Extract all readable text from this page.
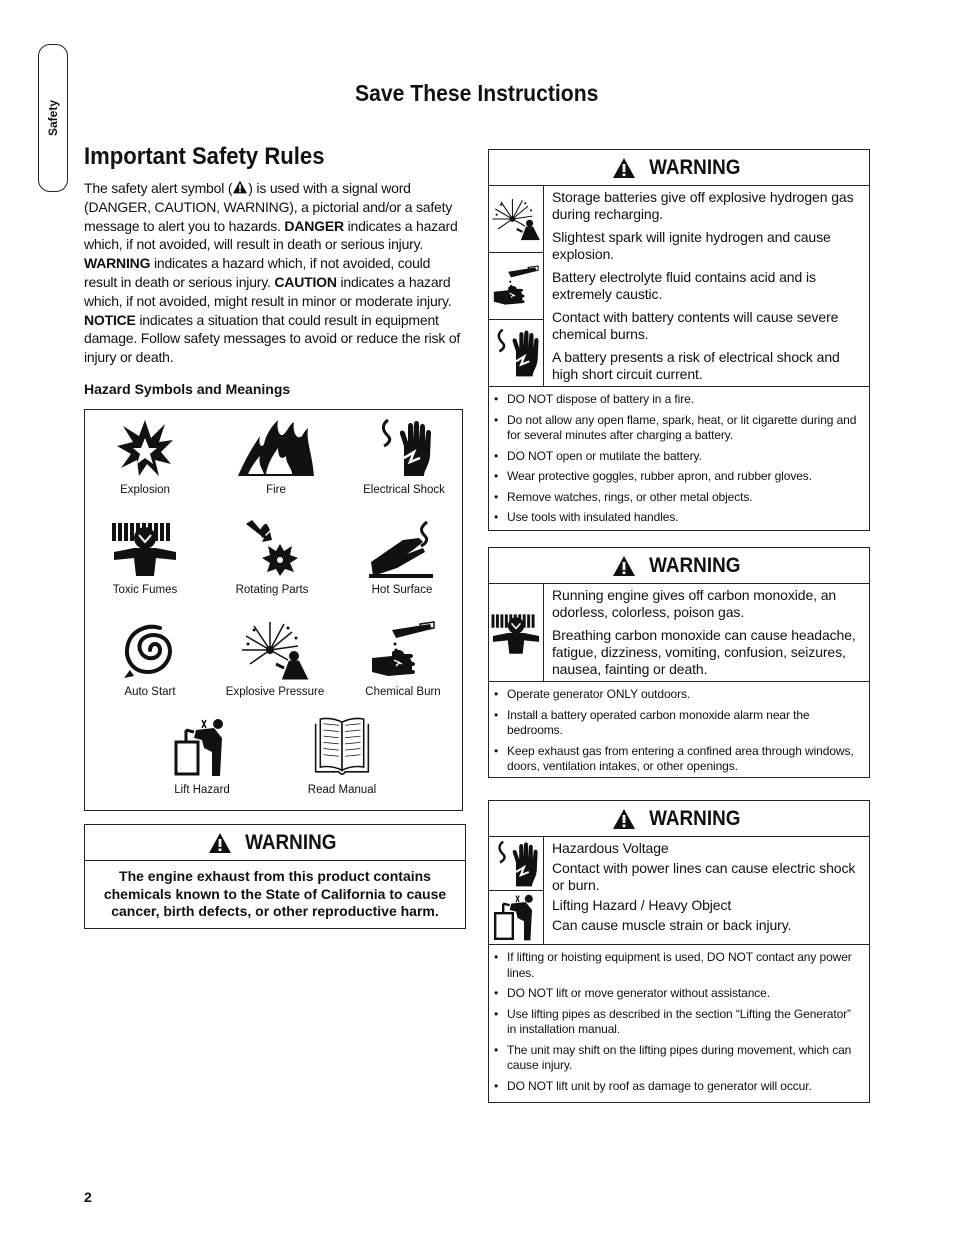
Safety
Save These Instructions
Important Safety Rules
The safety alert symbol ( ) is used with a signal word (DANGER, CAUTION, WARNING), a pictorial and/or a safety message to alert you to hazards. DANGER indicates a hazard which, if not avoided, will result in death or serious injury. WARNING indicates a hazard which, if not avoided, could result in death or serious injury. CAUTION indicates a hazard which, if not avoided, might result in minor or moderate injury. NOTICE indicates a situation that could result in equipment damage. Follow safety messages to avoid or reduce the risk of injury or death.
Hazard Symbols and Meanings
Explosion	Fire	Electrical Shock
Toxic Fumes	Rotating Parts	Hot Surface
Auto Start	Explosive Pressure	Chemical Burn
Lift Hazard	Read Manual
WARNING
The engine exhaust from this product contains chemicals known to the State of California to cause cancer, birth defects, or other reproductive harm.
WARNING

Storage batteries give off explosive hydrogen gas during recharging.

Slightest spark will ignite hydrogen and cause explosion.

Battery electrolyte fluid contains acid and is extremely caustic.

Contact with battery contents will cause severe chemical burns.

A battery presents a risk of electrical shock and high short circuit current.

• DO NOT dispose of battery in a fire.
• Do not allow any open flame, spark, heat, or lit cigarette during and for several minutes after charging a battery.
• DO NOT open or mutilate the battery.
• Wear protective goggles, rubber apron, and rubber gloves.
• Remove watches, rings, or other metal objects.
• Use tools with insulated handles.
WARNING

Running engine gives off carbon monoxide, an odorless, colorless, poison gas.

Breathing carbon monoxide can cause headache, fatigue, dizziness, vomiting, confusion, seizures, nausea, fainting or death.

• Operate generator ONLY outdoors.
• Install a battery operated carbon monoxide alarm near the bedrooms.
• Keep exhaust gas from entering a confined area through windows, doors, ventilation intakes, or other openings.
WARNING

Hazardous Voltage

Contact with power lines can cause electric shock or burn.

Lifting Hazard / Heavy Object

Can cause muscle strain or back injury.

• If lifting or hoisting equipment is used, DO NOT contact any power lines.
• DO NOT lift or move generator without assistance.
• Use lifting pipes as described in the section “Lifting the Generator” in installation manual.
• The unit may shift on the lifting pipes during movement, which can cause injury.
• DO NOT lift unit by roof as damage to generator will occur.
2
